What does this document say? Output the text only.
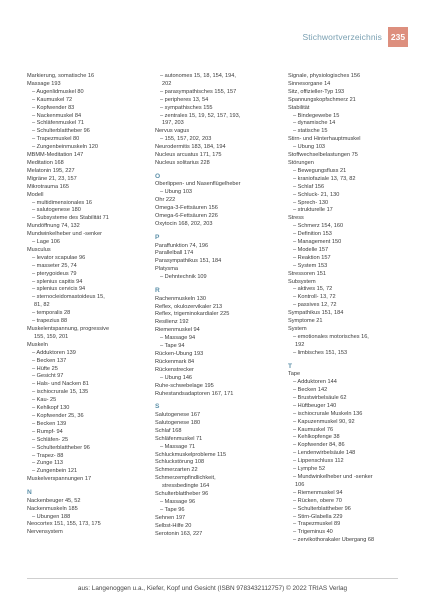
Stichwortverzeichnis	235
Markierung, somatische 16
Massage 193
– Augenlidmuskel 80
– Kaumuskel 72
– Kopfwender 83
– Nackenmuskel 84
– Schläfenmuskel 71
– Schulterblattheber 96
– Trapezmuskel 80
– Zungenbeinmuskeln 120
MBMM-Meditation 147
Meditation 168
Melatonin 195, 227
Migräne 21, 23, 157
Mikrotrauma 165
Modell
– multidimensionales 16
– salutogenese 180
– Subsysteme des Stabilität 71
Mundöffnung 74, 132
Mundwinkelheber und -senker
– Lage 106
Musculus
– levator scapulae 96
– masseter 25, 74
– pterygoideus 79
– splenius capitis 94
– splenius cervicis 94
– sternocleidomastoideus 15,
81, 82
– temporalis 28
– trapezius 88
Muskelentspannung, progressive
155, 159, 201
Muskeln
– Adduktoren 139
– Becken 137
– Hüfte 25
– Gesicht 97
– Hals- und Nacken 81
– ischiocrurale 15, 135
– Kau- 25
– Kehlkopf 130
– Kopfwender 25, 36
– Becken 139
– Rumpf- 94
– Schläfen- 25
– Schulterblattheber 96
– Trapez- 88
– Zunge 113
– Zungenbein 121
Muskelverspannungen 17
N
Nackenbeuger 45, 52
Nackenmuskeln 185
– Übungen 188
Neocortex 151, 155, 173, 175
Nervensystem
– autonomes 15, 18, 154, 194,
202
– parasympathisches 155, 157
– peripheres 13, 54
– sympathisches 155
– zentrales 15, 19, 52, 157, 193,
197, 203
Nervus vagus
– 155, 157, 202, 203
Neurodermitis 183, 184, 194
Nucleus arcuatus 171, 175
Nucleus solitarius 228
O
Oberlippen- und Nasenflügelheber
– Übung 103
Ohr 222
Omega-3-Fettsäuren 156
Omega-6-Fettsäuren 226
Oxytocin 168, 202, 203
P
Paraffunktion 74, 196
Parallelball 174
Parasympathikus 151, 184
Platysma
– Dehntechnik 109
R
Rachenmuskeln 130
Reflex, okulozervikaler 213
Reflex, trigeminokardialer 225
Resilienz 192
Riemenmuskel 94
– Massage 94
– Tape 94
Rücken-Übung 193
Rückenmark 84
Rückenstrecker
– Übung 146
Ruhe-schwebelage 195
Ruhestandsadaptoren 167, 171
S
Salutogenese 167
Salutogenese 180
Schlaf 168
Schläfenmuskel 71
– Massage 71
Schluckmuskelprobleme 115
Schluckstörung 108
Schmerzarten 22
Schmerzempfindlichkeit,
stressbedingte 164
Schulterblattheber 96
– Massage 96
– Tape 96
Sehnen 197
Selbst-Hilfe 20
Serotonin 163, 227
Signale, physiologisches 156
Sinnesorgane 14
Sitz, offizieller-Typ 193
Spannungskopfschmerz 21
Stabilität
– Bindegewebe 15
– dynamische 14
– statische 15
Stirn- und Hinterhauptmuskel
– Übung 103
Stoffwechselbelastungen 75
Störungen
– Bewegungsfluss 21
– kraniofaziale 13, 73, 82
– Schlaf 156
– Schluck- 21, 130
– Sprech- 130
– strukturelle 17
Stress
– Schmerz 154, 160
– Definition 153
– Management 150
– Modelle 157
– Reaktion 157
– System 153
Stressoren 151
Subsystem
– aktives 15, 72
– Kontroll- 13, 72
– passives 12, 72
Sympathikus 151, 184
Symptome 21
System
– emotionales motorisches 16,
192
– limbisches 151, 153
T
Tape
– Adduktoren 144
– Becken 142
– Brustwirbelsäule 62
– Hüftbeuger 140
– ischiocrurale Muskeln 136
– Kapuzenmuskel 90, 92
– Kaumuskel 76
– Kehlkopfenge 38
– Kopfwender 84, 86
– Lendenwirbelsäule 148
– Lippenschluss 112
– Lymphe 52
– Mundwinkelheber und -senker
106
– Riemenmuskel 94
– Rücken, obere 70
– Schulterblattheber 96
– Stirn-Glabella 229
– Trapezmuskel 89
– Trigeminus 40
– zervikothorakaler Übergang 68
aus: Langenoggen u.a., Kiefer, Kopf und Gesicht (ISBN 9783432112757) © 2022 TRIAS Verlag
